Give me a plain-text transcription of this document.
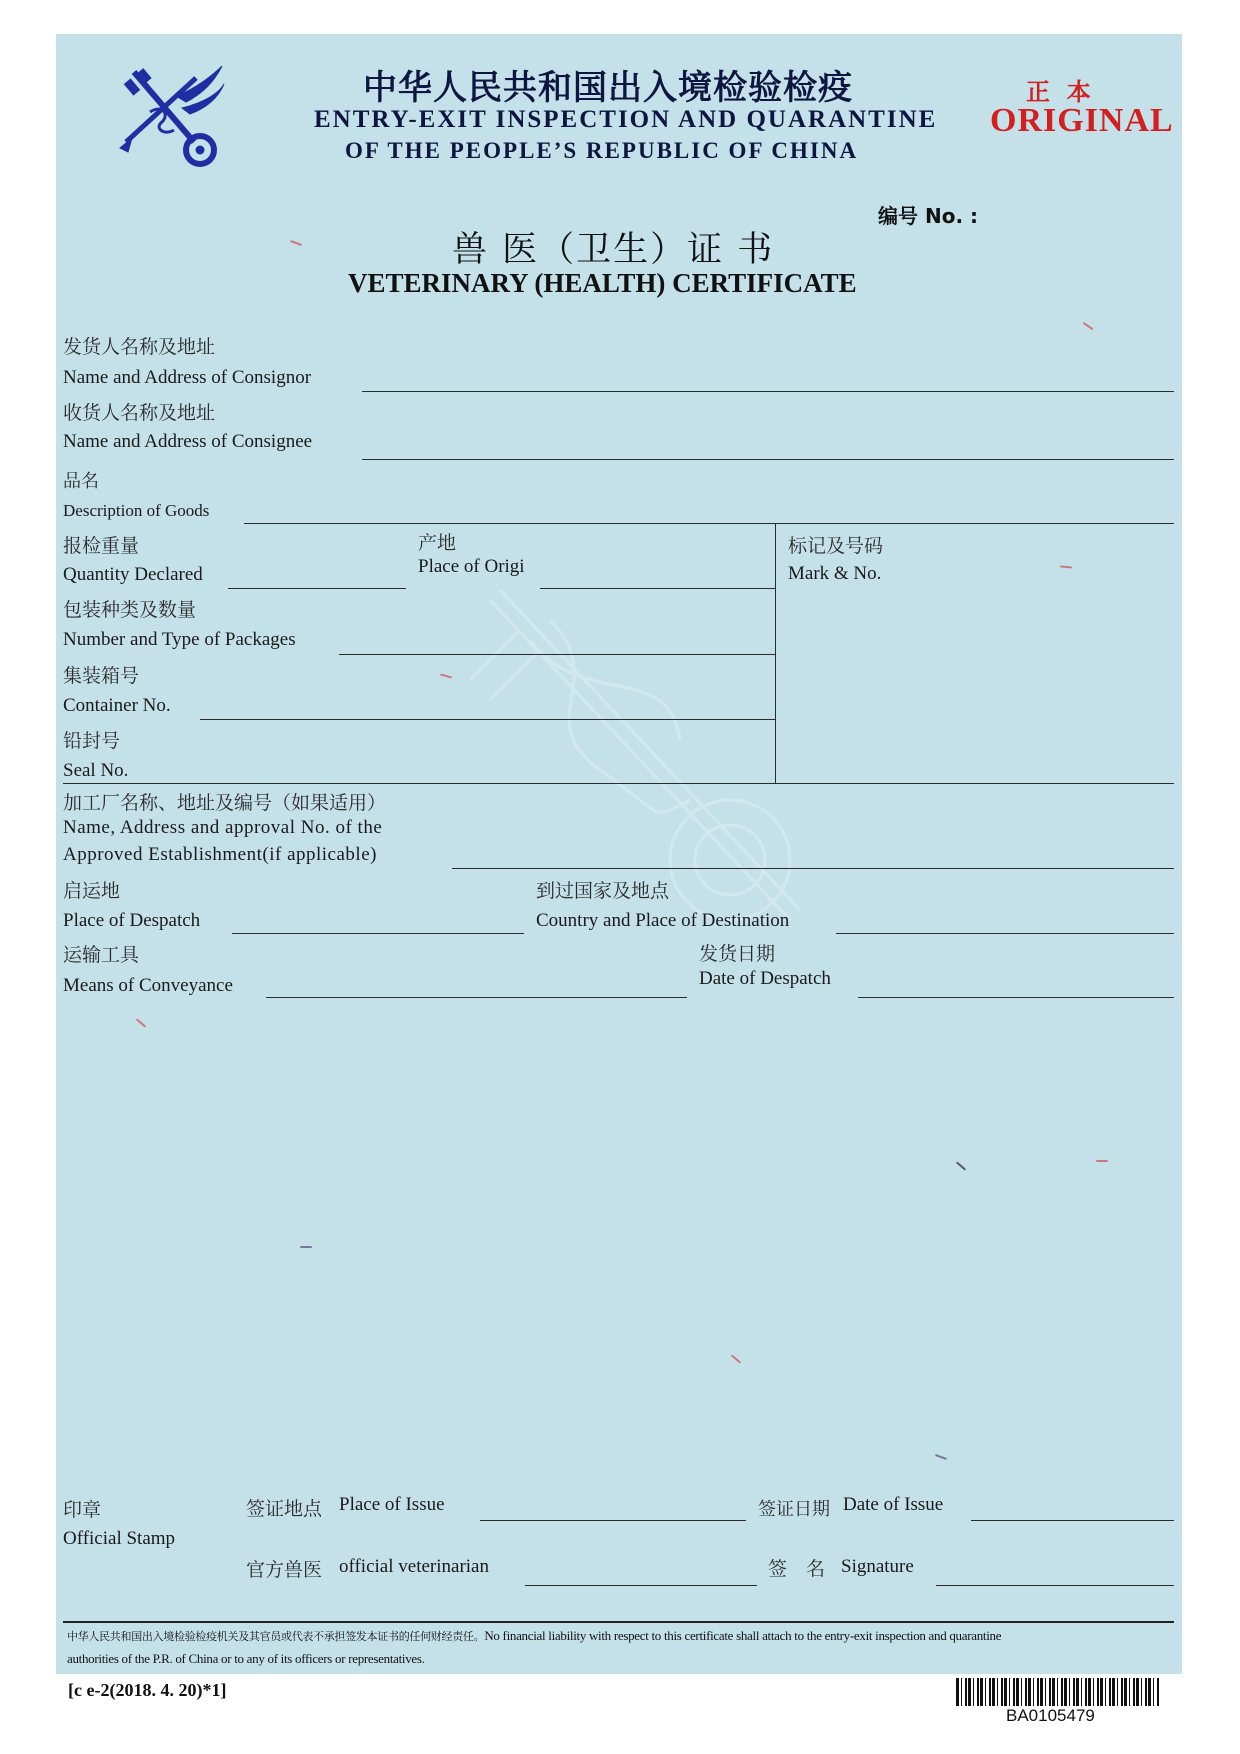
中华人民共和国出入境检验检疫
ENTRY-EXIT INSPECTION AND QUARANTINE
OF THE PEOPLE’S REPUBLIC OF CHINA
正  本
ORIGINAL
编号 No. :
兽 医（卫生）证 书
VETERINARY (HEALTH) CERTIFICATE
发货人名称及地址
Name and Address of Consignor
收货人名称及地址
Name and Address of Consignee
品名
Description of Goods
报检重量
Quantity Declared
产地
Place of Origi
标记及号码
Mark & No.
包装种类及数量
Number and Type of Packages
集装箱号
Container No.
铅封号
Seal No.
加工厂名称、地址及编号（如果适用）
Name, Address and approval No. of the
Approved Establishment(if applicable)
启运地
Place of Despatch
到过国家及地点
Country and Place of Destination
运输工具
Means of Conveyance
发货日期
Date of Despatch
印章
Official Stamp
签证地点 Place of Issue	签证日期 Date of Issue
官方兽医 official veterinarian	签　名 Signature
中华人民共和国出入境检验检疫机关及其官员或代表不承担签发本证书的任何财经责任。No financial liability with respect to this certificate shall attach to the entry-exit inspection and quarantine
authorities of the P.R. of China or to any of its officers or representatives.
[c e-2(2018. 4. 20)*1]
BA0105479
